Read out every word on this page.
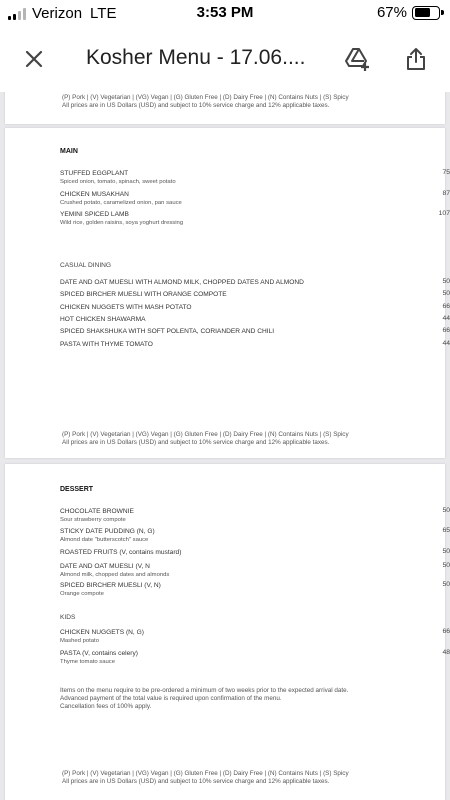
Verizon LTE	3:53 PM	67%
Kosher Menu - 17.06....
(P) Pork | (V) Vegetarian | (VG) Vegan | (G) Gluten Free | (D) Dairy Free | (N) Contains Nuts | (S) Spicy
All prices are in US Dollars (USD) and subject to 10% service charge and 12% applicable taxes.
MAIN
STUFFED EGGPLANT
Spiced onion, tomato, spinach, sweet potato
75
CHICKEN MUSAKHAN
Crushed potato, caramelized onion, pan sauce
87
YEMINI SPICED LAMB
Wild rice, golden raisins, soya yoghurt dressing
107
CASUAL DINING
DATE AND OAT MUESLI WITH ALMOND MILK, CHOPPED DATES AND ALMOND	50
SPICED BIRCHER MUESLI WITH ORANGE COMPOTE	50
CHICKEN NUGGETS WITH MASH POTATO	66
HOT CHICKEN SHAWARMA	44
SPICED SHAKSHUKA WITH SOFT POLENTA, CORIANDER AND CHILI	66
PASTA WITH THYME TOMATO	44
(P) Pork | (V) Vegetarian | (VG) Vegan | (G) Gluten Free | (D) Dairy Free | (N) Contains Nuts | (S) Spicy
All prices are in US Dollars (USD) and subject to 10% service charge and 12% applicable taxes.
DESSERT
CHOCOLATE BROWNIE
Sour strawberry compote
50
STICKY DATE PUDDING (N, G)
Almond date "butterscotch" sauce
65
ROASTED FRUITS (V, contains mustard)	50
DATE AND OAT MUESLI (V, N
Almond milk, chopped dates and almonds
50
SPICED BIRCHER MUESLI (V, N)
Orange compote
50
KIDS
CHICKEN NUGGETS (N, G)
Mashed potato
66
PASTA (V, contains celery)
Thyme tomato sauce
48
Items on the menu require to be pre-ordered a minimum of two weeks prior to the expected arrival date.
Advanced payment of the total value is required upon confirmation of the menu.
Cancellation fees of 100% apply.
(P) Pork | (V) Vegetarian | (VG) Vegan | (G) Gluten Free | (D) Dairy Free | (N) Contains Nuts | (S) Spicy
All prices are in US Dollars (USD) and subject to 10% service charge and 12% applicable taxes.
